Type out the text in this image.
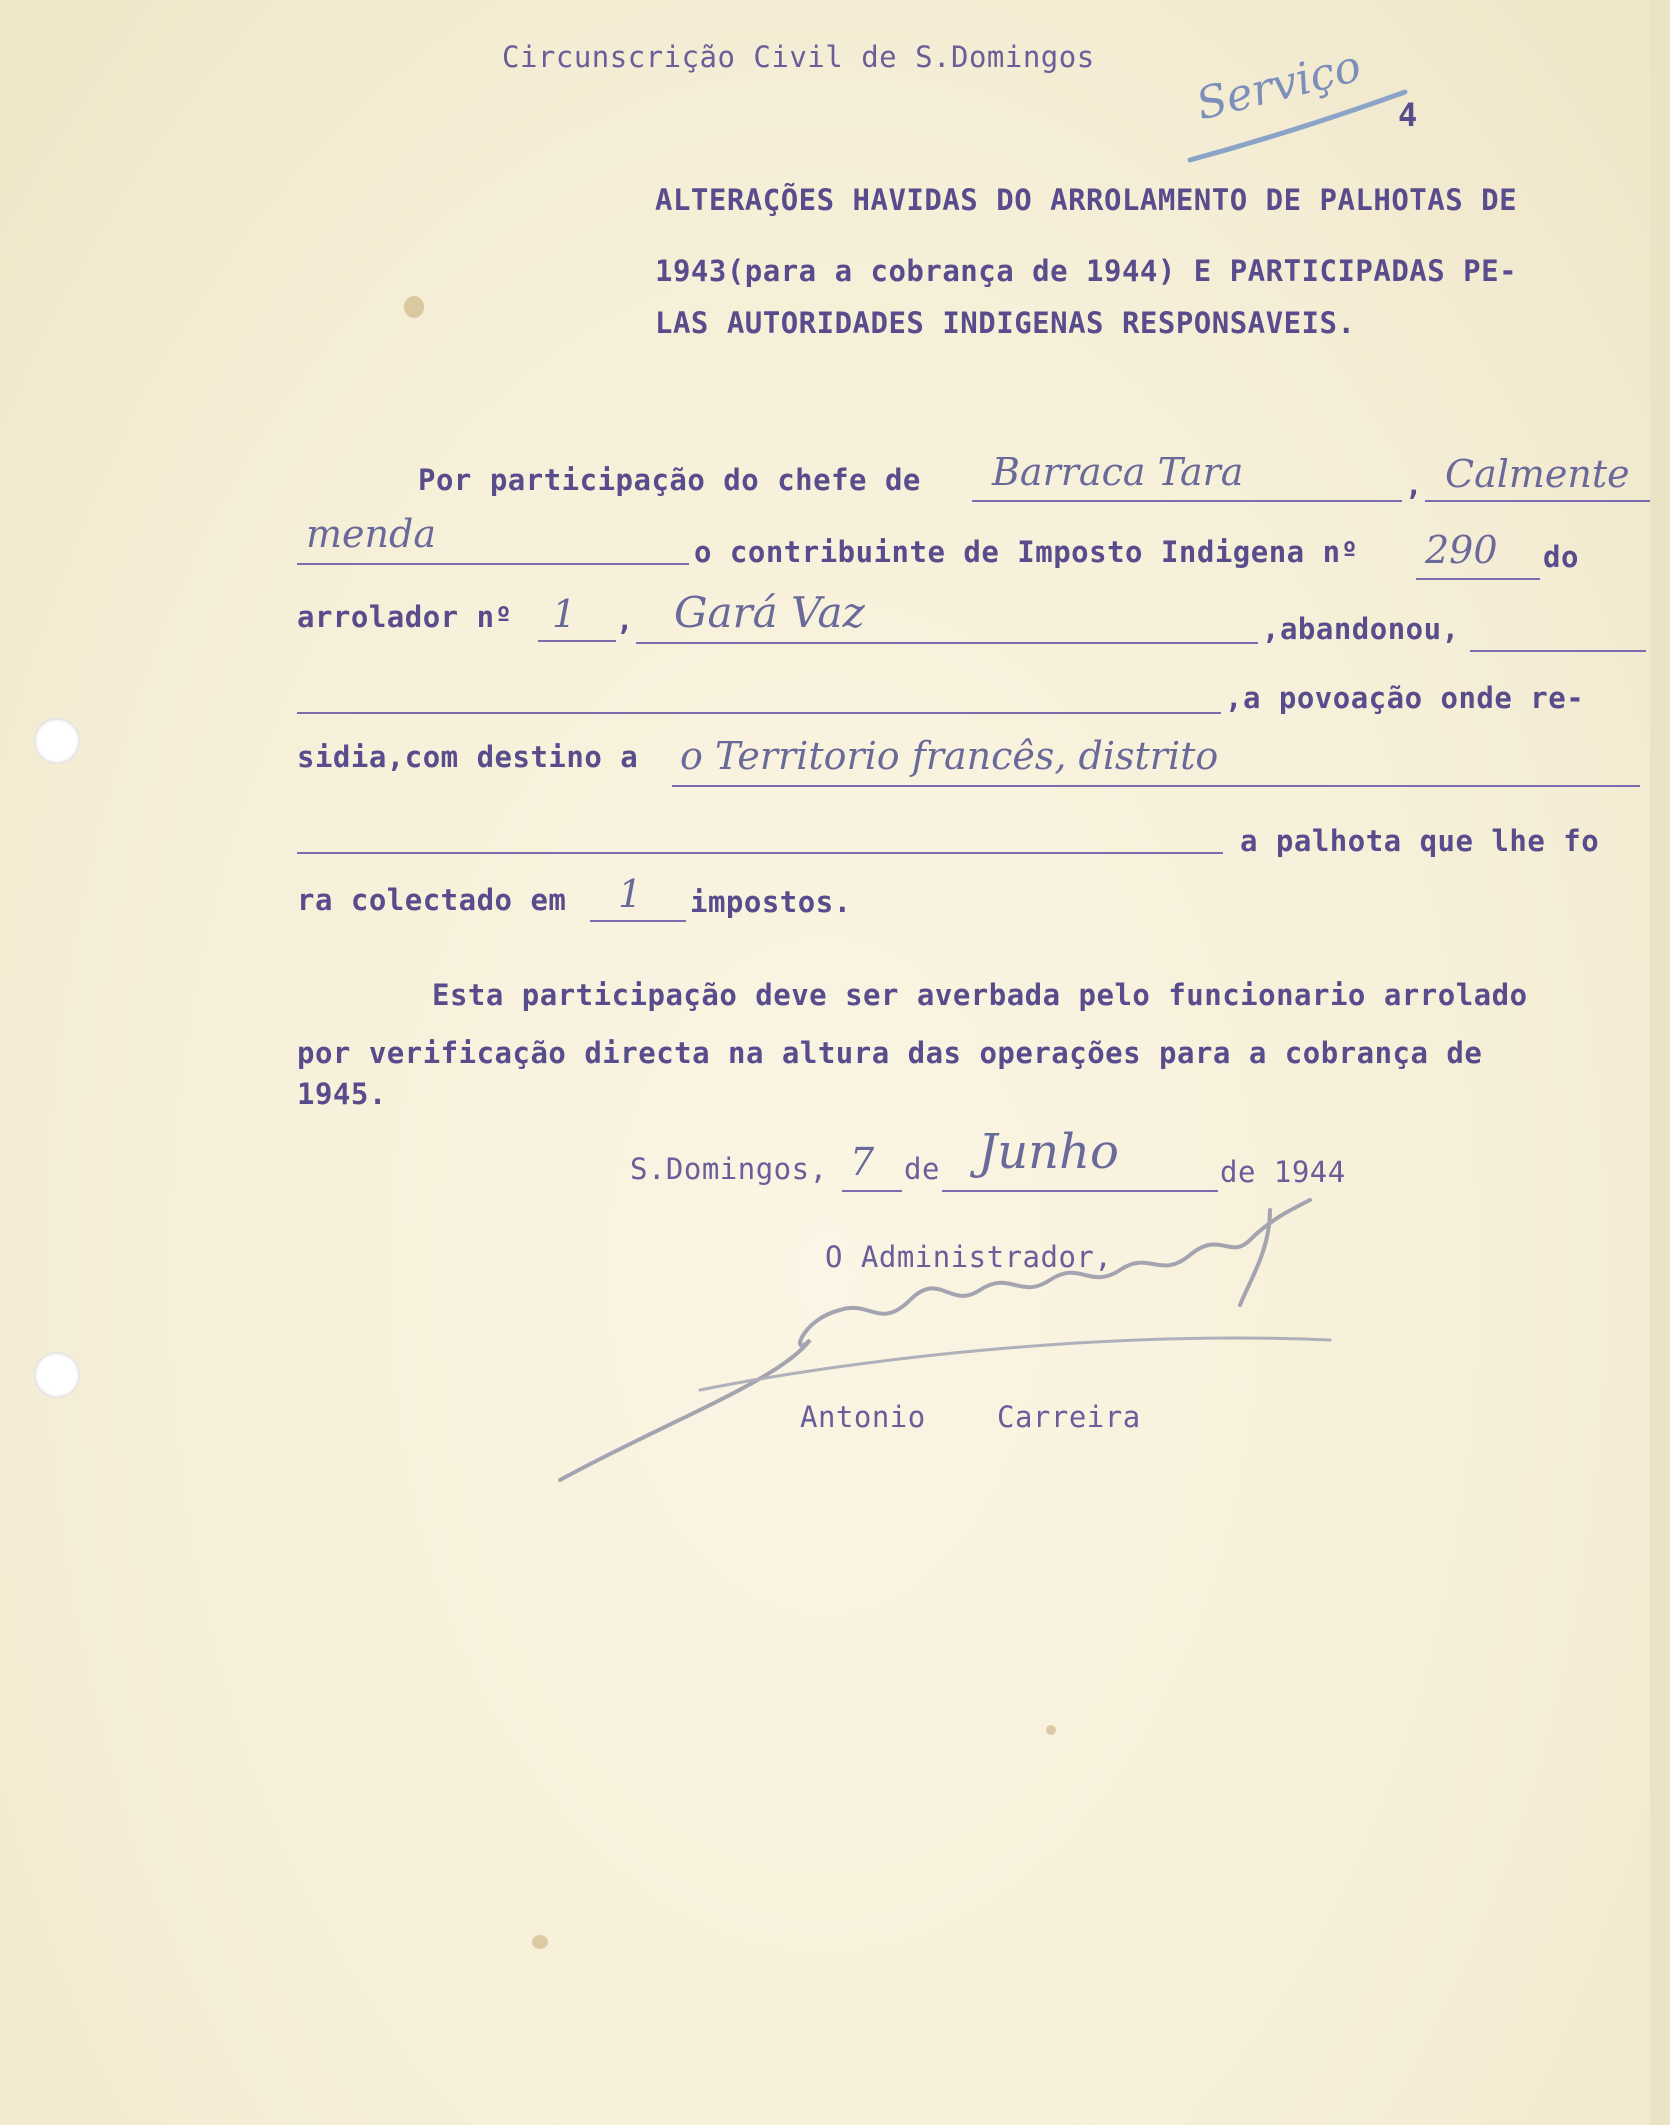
Circunscrição Civil de S.Domingos Serviço 4
ALTERAÇÕES HAVIDAS DO ARROLAMENTO DE PALHOTAS DE
1943(para a cobrança de 1944) E PARTICIPADAS PE-
LAS AUTORIDADES INDIGENAS RESPONSAVEIS.
Por participação do chefe de Barraca Tara	, Calmente
menda	o contribuinte de Imposto Indigena nº 290 do
arrolador nº 1 , Gará Vaz	,abandonou,
,a povoação onde re-
sidia,com destino a o Territorio francês, distrito
a palhota que lhe fo
ra colectado em 1 impostos.
Esta participação deve ser averbada pelo funcionario arrolado
por verificação directa na altura das operações para a cobrança de
1945.
S.Domingos, 7 de Junho	de 1944
O Administrador,
Antonio Carreira
